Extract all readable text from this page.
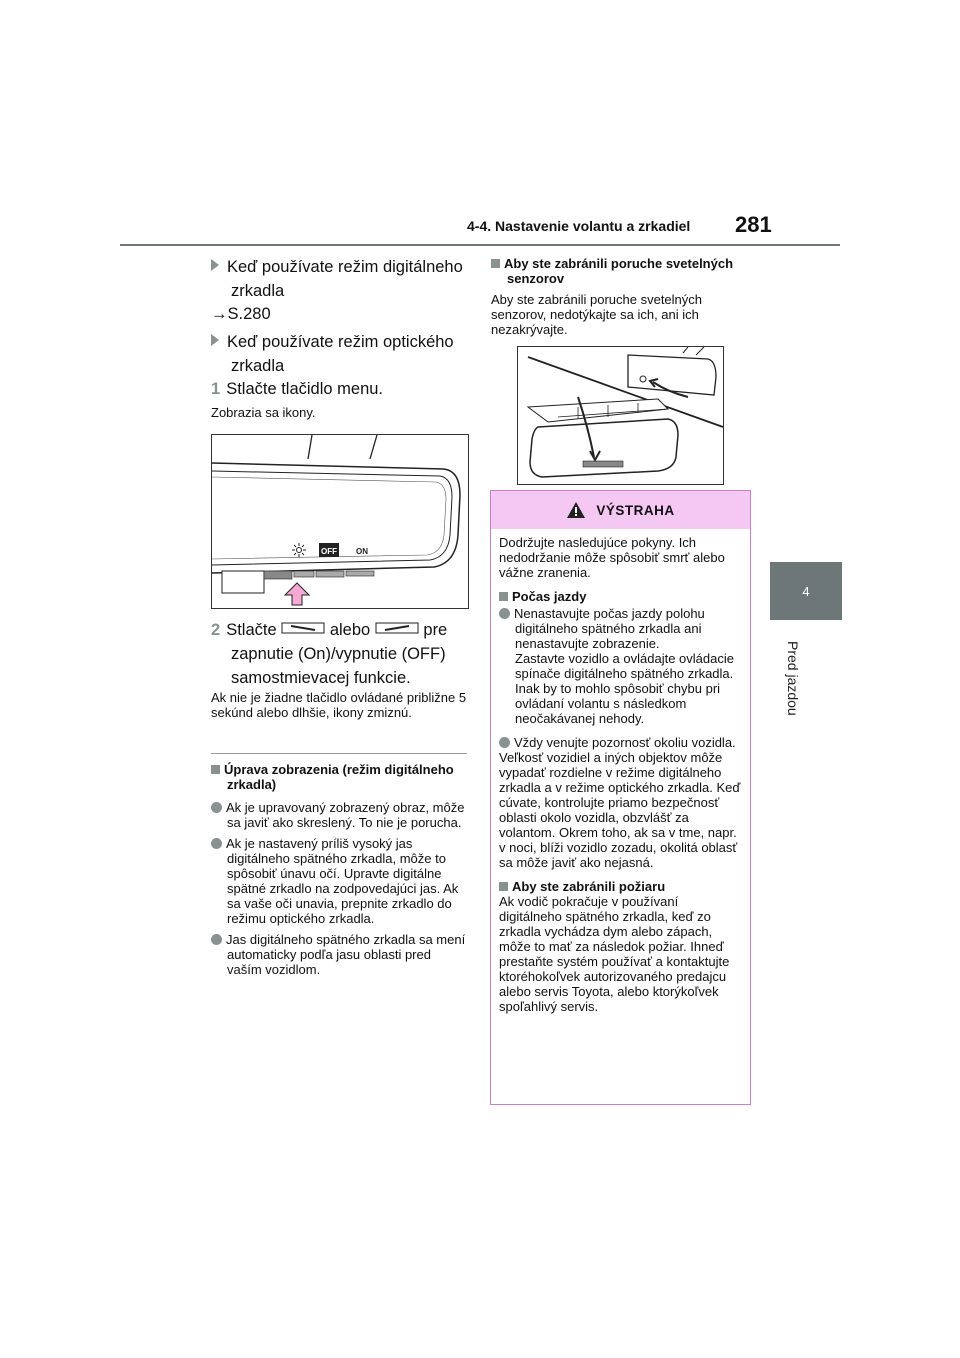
4-4. Nastavenie volantu a zrkadiel 281
4
Pred jazdou
Keď používate režim digitálneho zrkadla
→S.280
Keď používate režim optického zrkadla
1 Stlačte tlačidlo menu.
Zobrazia sa ikony.
OFF ON
2 Stlačte	alebo	pre zapnutie (On)/vypnutie (OFF) samostmievacej funkcie.
Ak nie je žiadne tlačidlo ovládané približne 5 sekúnd alebo dlhšie, ikony zmiznú.
Úprava zobrazenia (režim digitálneho zrkadla)
Ak je upravovaný zobrazený obraz, môže sa javiť ako skreslený. To nie je porucha.
Ak je nastavený príliš vysoký jas digitálneho spätného zrkadla, môže to spôsobiť únavu očí. Upravte digitálne spätné zrkadlo na zodpovedajúci jas. Ak sa vaše oči unavia, prepnite zrkadlo do režimu optického zrkadla.
Jas digitálneho spätného zrkadla sa mení automaticky podľa jasu oblasti pred vaším vozidlom.
Aby ste zabránili poruche svetelných senzorov
Aby ste zabránili poruche svetelných senzorov, nedotýkajte sa ich, ani ich nezakrývajte.
VÝSTRAHA
Dodržujte nasledujúce pokyny. Ich nedodržanie môže spôsobiť smrť alebo vážne zranenia.
Počas jazdy
Nenastavujte počas jazdy polohu digitálneho spätného zrkadla ani nenastavujte zobrazenie.
Zastavte vozidlo a ovládajte ovládacie spínače digitálneho spätného zrkadla. Inak by to mohlo spôsobiť chybu pri ovládaní volantu s následkom neočakávanej nehody.
Vždy venujte pozornosť okoliu vozidla.
Veľkosť vozidiel a iných objektov môže vypadať rozdielne v režime digitálneho zrkadla a v režime optického zrkadla. Keď cúvate, kontrolujte priamo bezpečnosť oblasti okolo vozidla, obzvlášť za volantom. Okrem toho, ak sa v tme, napr. v noci, blíži vozidlo zozadu, okolitá oblasť sa môže javiť ako nejasná.
Aby ste zabránili požiaru
Ak vodič pokračuje v používaní digitálneho spätného zrkadla, keď zo zrkadla vychádza dym alebo zápach, môže to mať za následok požiar. Ihneď prestaňte systém používať a kontaktujte ktoréhokoľvek autorizovaného predajcu alebo servis Toyota, alebo ktorýkoľvek spoľahlivý servis.
